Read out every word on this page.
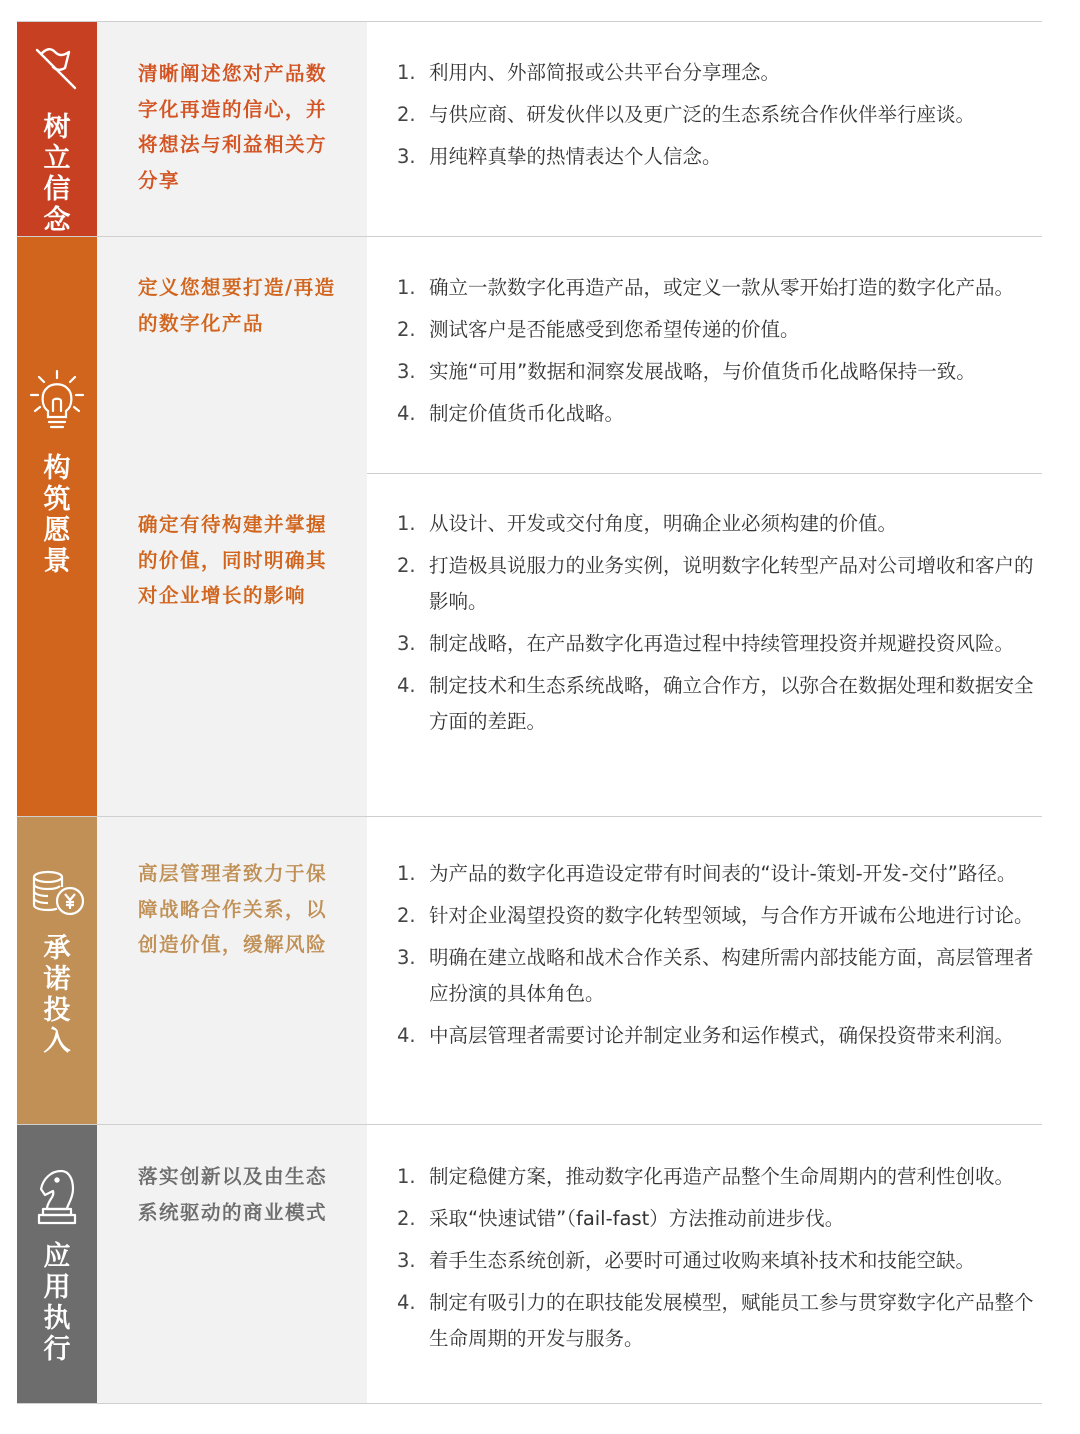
树立信念
清晰阐述您对产品数字化再造的信心，并将想法与利益相关方分享
1. 利用内、外部简报或公共平台分享理念。
2. 与供应商、研发伙伴以及更广泛的生态系统合作伙伴举行座谈。
3. 用纯粹真挚的热情表达个人信念。
构筑愿景
定义您想要打造/再造的数字化产品
1. 确立一款数字化再造产品，或定义一款从零开始打造的数字化产品。
2. 测试客户是否能感受到您希望传递的价值。
3. 实施“可用”数据和洞察发展战略，与价值货币化战略保持一致。
4. 制定价值货币化战略。
确定有待构建并掌握的价值，同时明确其对企业增长的影响
1. 从设计、开发或交付角度，明确企业必须构建的价值。
2. 打造极具说服力的业务实例，说明数字化转型产品对公司增收和客户的影响。
3. 制定战略，在产品数字化再造过程中持续管理投资并规避投资风险。
4. 制定技术和生态系统战略，确立合作方，以弥合在数据处理和数据安全方面的差距。
承诺投入
高层管理者致力于保障战略合作关系，以创造价值，缓解风险
1. 为产品的数字化再造设定带有时间表的“设计-策划-开发-交付”路径。
2. 针对企业渴望投资的数字化转型领域，与合作方开诚布公地进行讨论。
3. 明确在建立战略和战术合作关系、构建所需内部技能方面，高层管理者应扮演的具体角色。
4. 中高层管理者需要讨论并制定业务和运作模式，确保投资带来利润。
应用执行
落实创新以及由生态系统驱动的商业模式
1. 制定稳健方案，推动数字化再造产品整个生命周期内的营利性创收。
2. 采取“快速试错”（fail-fast）方法推动前进步伐。
3. 着手生态系统创新，必要时可通过收购来填补技术和技能空缺。
4. 制定有吸引力的在职技能发展模型，赋能员工参与贯穿数字化产品整个生命周期的开发与服务。
